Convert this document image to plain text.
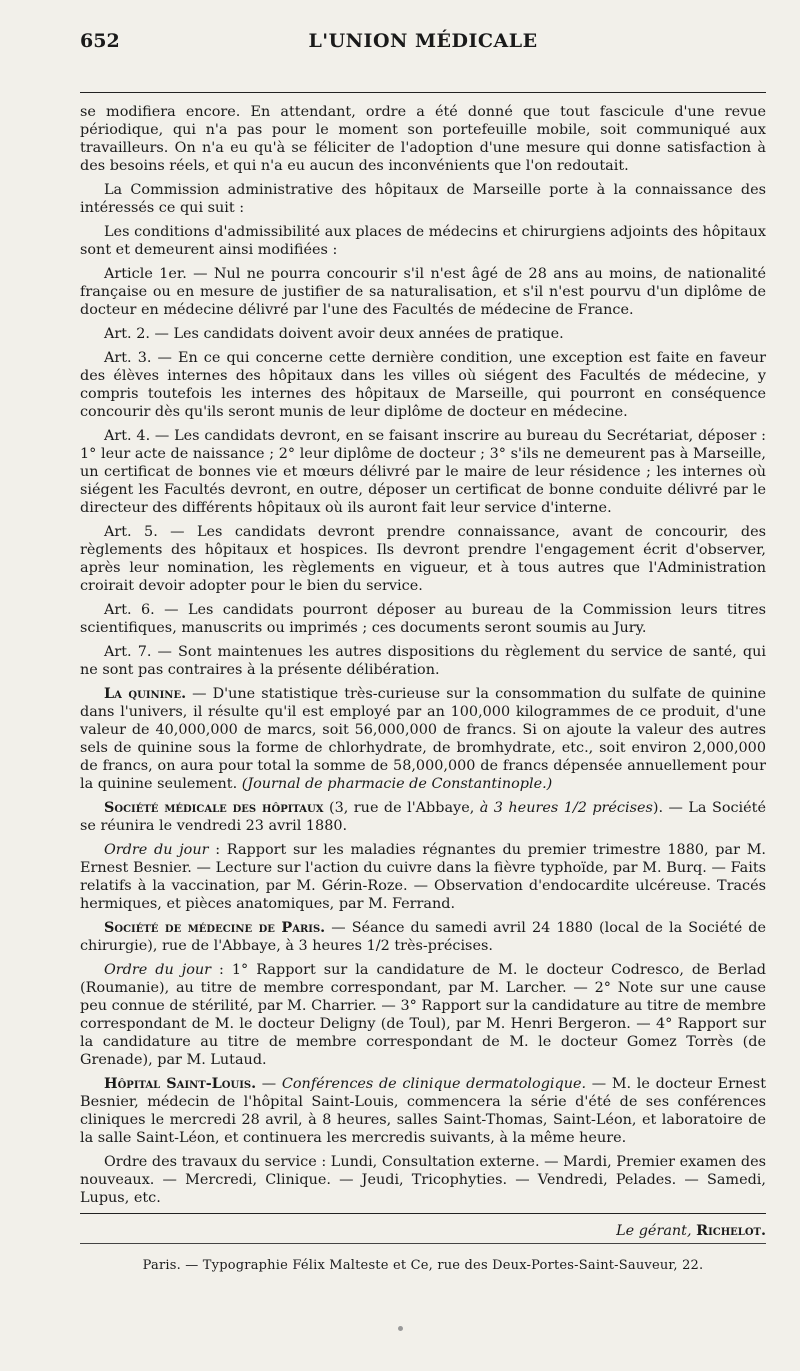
652	L'UNION MÉDICALE

se modifiera encore. En attendant, ordre a été donné que tout fascicule d'une revue périodique, qui n'a pas pour le moment son portefeuille mobile, soit communiqué aux travailleurs. On n'a eu qu'à se féliciter de l'adoption d'une mesure qui donne satisfaction à des besoins réels, et qui n'a eu aucun des inconvénients que l'on redoutait.

La Commission administrative des hôpitaux de Marseille porte à la connaissance des intéressés ce qui suit :

Les conditions d'admissibilité aux places de médecins et chirurgiens adjoints des hôpitaux sont et demeurent ainsi modifiées :

Article 1er. — Nul ne pourra concourir s'il n'est âgé de 28 ans au moins, de nationalité française ou en mesure de justifier de sa naturalisation, et s'il n'est pourvu d'un diplôme de docteur en médecine délivré par l'une des Facultés de médecine de France.

Art. 2. — Les candidats doivent avoir deux années de pratique.

Art. 3. — En ce qui concerne cette dernière condition, une exception est faite en faveur des élèves internes des hôpitaux dans les villes où siégent des Facultés de médecine, y compris toutefois les internes des hôpitaux de Marseille, qui pourront en conséquence concourir dès qu'ils seront munis de leur diplôme de docteur en médecine.

Art. 4. — Les candidats devront, en se faisant inscrire au bureau du Secrétariat, déposer : 1° leur acte de naissance ; 2° leur diplôme de docteur ; 3° s'ils ne demeurent pas à Marseille, un certificat de bonnes vie et mœurs délivré par le maire de leur résidence ; les internes où siégent les Facultés devront, en outre, déposer un certificat de bonne conduite délivré par le directeur des différents hôpitaux où ils auront fait leur service d'interne.

Art. 5. — Les candidats devront prendre connaissance, avant de concourir, des règlements des hôpitaux et hospices. Ils devront prendre l'engagement écrit d'observer, après leur nomination, les règlements en vigueur, et à tous autres que l'Administration croirait devoir adopter pour le bien du service.

Art. 6. — Les candidats pourront déposer au bureau de la Commission leurs titres scientifiques, manuscrits ou imprimés ; ces documents seront soumis au Jury.

Art. 7. — Sont maintenues les autres dispositions du règlement du service de santé, qui ne sont pas contraires à la présente délibération.

La quinine. — D'une statistique très-curieuse sur la consommation du sulfate de quinine dans l'univers, il résulte qu'il est employé par an 100,000 kilogrammes de ce produit, d'une valeur de 40,000,000 de marcs, soit 56,000,000 de francs. Si on ajoute la valeur des autres sels de quinine sous la forme de chlorhydrate, de bromhydrate, etc., soit environ 2,000,000 de francs, on aura pour total la somme de 58,000,000 de francs dépensée annuellement pour la quinine seulement. (Journal de pharmacie de Constantinople.)

Société médicale des hôpitaux (3, rue de l'Abbaye, à 3 heures 1/2 précises). — La Société se réunira le vendredi 23 avril 1880.

Ordre du jour : Rapport sur les maladies régnantes du premier trimestre 1880, par M. Ernest Besnier. — Lecture sur l'action du cuivre dans la fièvre typhoïde, par M. Burq. — Faits relatifs à la vaccination, par M. Gérin-Roze. — Observation d'endocardite ulcéreuse. Tracés hermiques, et pièces anatomiques, par M. Ferrand.

Société de médecine de Paris. — Séance du samedi avril 24 1880 (local de la Société de chirurgie), rue de l'Abbaye, à 3 heures 1/2 très-précises.

Ordre du jour : 1° Rapport sur la candidature de M. le docteur Codresco, de Berlad (Roumanie), au titre de membre correspondant, par M. Larcher. — 2° Note sur une cause peu connue de stérilité, par M. Charrier. — 3° Rapport sur la candidature au titre de membre correspondant de M. le docteur Deligny (de Toul), par M. Henri Bergeron. — 4° Rapport sur la candidature au titre de membre correspondant de M. le docteur Gomez Torrès (de Grenade), par M. Lutaud.

Hôpital Saint-Louis. — Conférences de clinique dermatologique. — M. le docteur Ernest Besnier, médecin de l'hôpital Saint-Louis, commencera la série d'été de ses conférences cliniques le mercredi 28 avril, à 8 heures, salles Saint-Thomas, Saint-Léon, et laboratoire de la salle Saint-Léon, et continuera les mercredis suivants, à la même heure.

Ordre des travaux du service : Lundi, Consultation externe. — Mardi, Premier examen des nouveaux. — Mercredi, Clinique. — Jeudi, Tricophyties. — Vendredi, Pelades. — Samedi, Lupus, etc.

Le gérant, Richelot.
Paris. — Typographie Félix Malteste et Ce, rue des Deux-Portes-Saint-Sauveur, 22.
